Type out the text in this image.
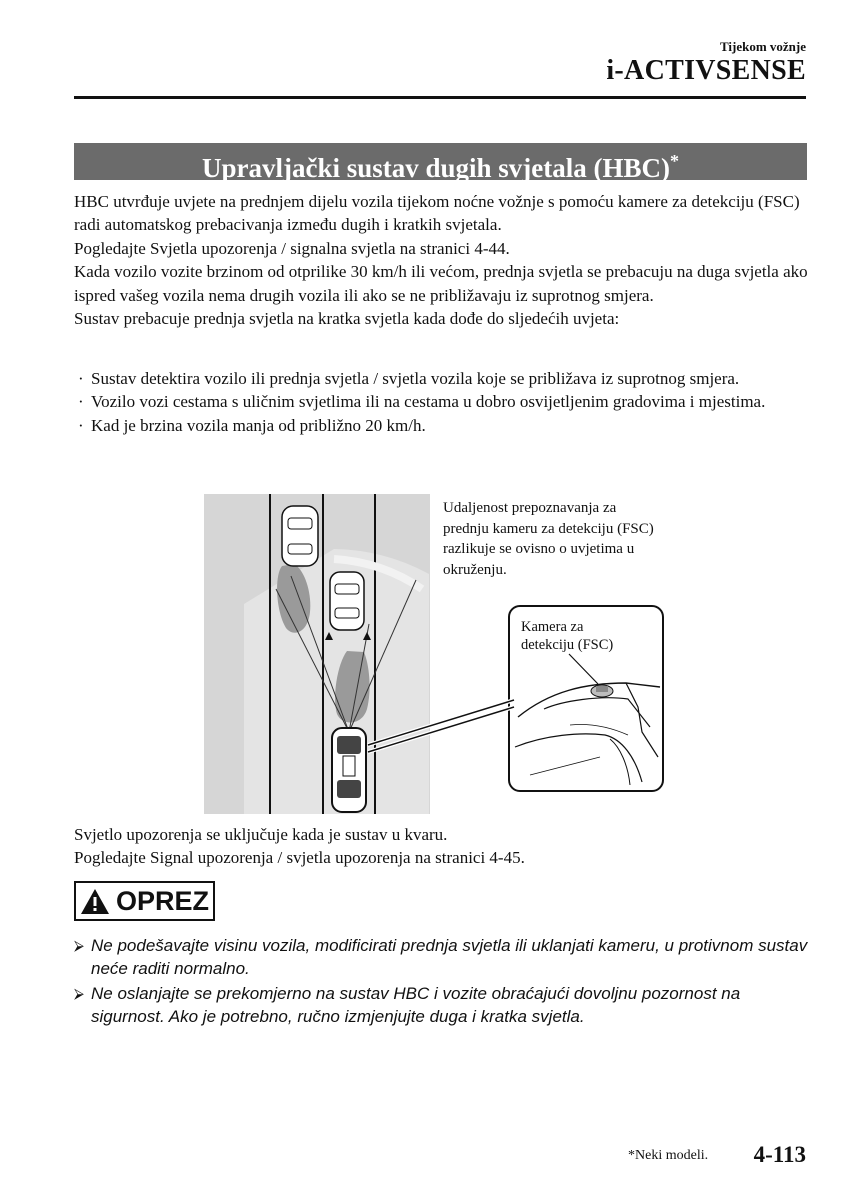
Tijekom vožnje
i-ACTIVSENSE
Upravljački sustav dugih svjetala (HBC)*

HBC utvrđuje uvjete na prednjem dijelu vozila tijekom noćne vožnje s pomoću kamere za detekciju (FSC) radi automatskog prebacivanja između dugih i kratkih svjetala.

Pogledajte Svjetla upozorenja / signalna svjetla na stranici 4-44.

Kada vozilo vozite brzinom od otprilike 30 km/h ili većom, prednja svjetla se prebacuju na duga svjetla ako ispred vašeg vozila nema drugih vozila ili ako se ne približavaju iz suprotnog smjera.

Sustav prebacuje prednja svjetla na kratka svjetla kada dođe do sljedećih uvjeta:

· Sustav detektira vozilo ili prednja svjetla / svjetla vozila koje se približava iz suprotnog smjera.
· Vozilo vozi cestama s uličnim svjetlima ili na cestama u dobro osvijetljenim gradovima i mjestima.
· Kad je brzina vozila manja od približno 20 km/h.
Udaljenost prepoznavanja za prednju kameru za detekciju (FSC) razlikuje se ovisno o uvjetima u okruženju.
Kamera za
detekciju (FSC)

Svjetlo upozorenja se uključuje kada je sustav u kvaru.

Pogledajte Signal upozorenja / svjetla upozorenja na stranici 4-45.

OPREZ
⮚ Ne podešavajte visinu vozila, modificirati prednja svjetla ili uklanjati kameru, u protivnom sustav neće raditi normalno.
⮚ Ne oslanjajte se prekomjerno na sustav HBC i vozite obraćajući dovoljnu pozornost na sigurnost. Ako je potrebno, ručno izmjenjujte duga i kratka svjetla.
*Neki modeli. 4-113
